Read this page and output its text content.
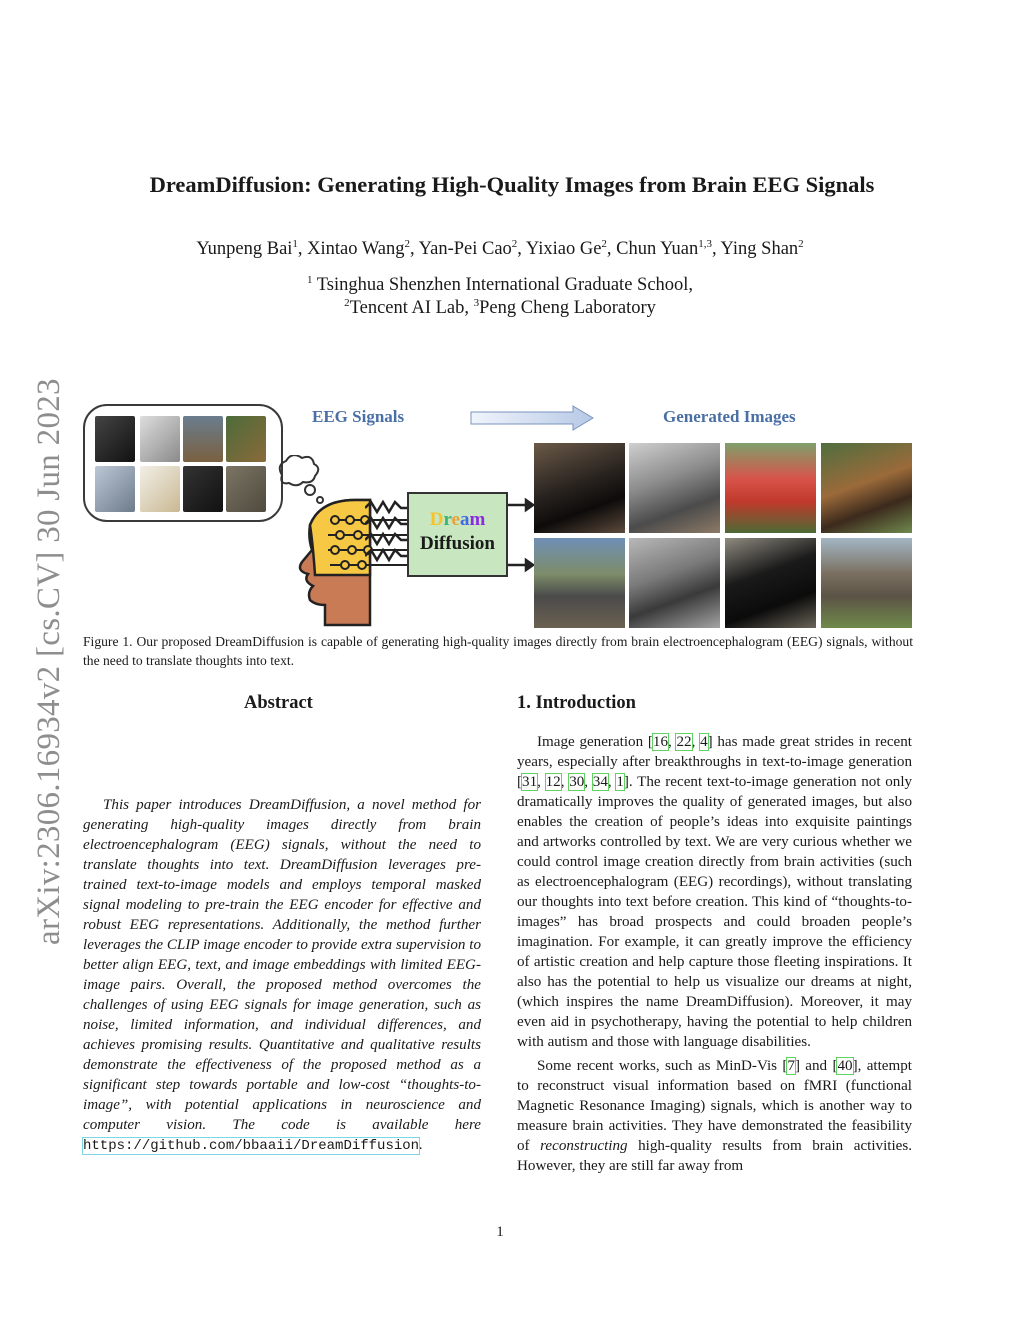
arXiv:2306.16934v2 [cs.CV] 30 Jun 2023
DreamDiffusion: Generating High-Quality Images from Brain EEG Signals
Yunpeng Bai$^1$, Xintao Wang$^2$, Yan-Pei Cao$^2$, Yixiao Ge$^2$, Chun Yuan$^{1,3}$, Ying Shan$^2$
$^1$ Tsinghua Shenzhen International Graduate School,
$^2$Tencent AI Lab, $^3$Peng Cheng Laboratory
EEG Signals	Generated Images
Dream
Diffusion
Figure 1. Our proposed DreamDiffusion is capable of generating high-quality images directly from brain electroencephalogram (EEG) signals, without the need to translate thoughts into text.
Abstract

This paper introduces DreamDiffusion, a novel method for generating high-quality images directly from brain electroencephalogram (EEG) signals, without the need to translate thoughts into text. DreamDiffusion leverages pre-trained text-to-image models and employs temporal masked signal modeling to pre-train the EEG encoder for effective and robust EEG representations. Additionally, the method further leverages the CLIP image encoder to provide extra supervision to better align EEG, text, and image embeddings with limited EEG-image pairs. Overall, the proposed method overcomes the challenges of using EEG signals for image generation, such as noise, limited information, and individual differences, and achieves promising results. Quantitative and qualitative results demonstrate the effectiveness of the proposed method as a significant step towards portable and low-cost “thoughts-to-image”, with potential applications in neuroscience and computer vision. The code is available here https://github.com/bbaaii/DreamDiffusion.

1. Introduction

Image generation [16, 22, 4] has made great strides in recent years, especially after breakthroughs in text-to-image generation [31, 12, 30, 34, 1]. The recent text-to-image generation not only dramatically improves the quality of generated images, but also enables the creation of people’s ideas into exquisite paintings and artworks controlled by text. We are very curious whether we could control image creation directly from brain activities (such as electroencephalogram (EEG) recordings), without translating our thoughts into text before creation. This kind of “thoughts-to-images” has broad prospects and could broaden people’s imagination. For example, it can greatly improve the efficiency of artistic creation and help capture those fleeting inspirations. It also has the potential to help us visualize our dreams at night, (which inspires the name DreamDiffusion). Moreover, it may even aid in psychotherapy, having the potential to help children with autism and those with language disabilities.

Some recent works, such as MinD-Vis [7] and [40], attempt to reconstruct visual information based on fMRI (functional Magnetic Resonance Imaging) signals, which is another way to measure brain activities. They have demonstrated the feasibility of reconstructing high-quality results from brain activities. However, they are still far away from

1
